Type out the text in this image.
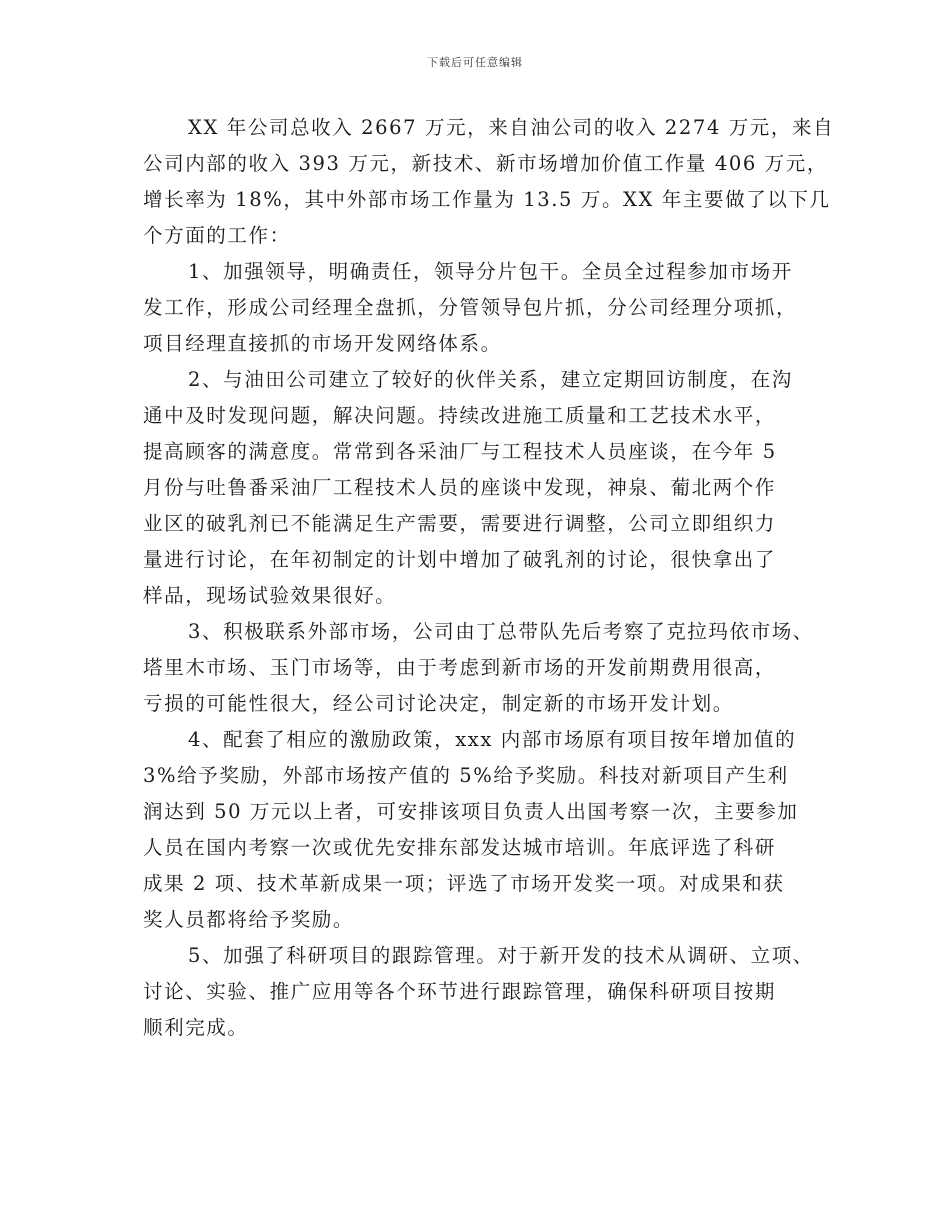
下载后可任意编辑
XX 年公司总收入 2667 万元，来自油公司的收入 2274 万元，来自
公司内部的收入 393 万元，新技术、新市场增加价值工作量 406 万元，
增长率为 18%，其中外部市场工作量为 13.5 万。XX 年主要做了以下几
个方面的工作：
1、加强领导，明确责任，领导分片包干。全员全过程参加市场开
发工作，形成公司经理全盘抓，分管领导包片抓，分公司经理分项抓，
项目经理直接抓的市场开发网络体系。
2、与油田公司建立了较好的伙伴关系，建立定期回访制度，在沟
通中及时发现问题，解决问题。持续改进施工质量和工艺技术水平，
提高顾客的满意度。常常到各采油厂与工程技术人员座谈，在今年 5
月份与吐鲁番采油厂工程技术人员的座谈中发现，神泉、葡北两个作
业区的破乳剂已不能满足生产需要，需要进行调整，公司立即组织力
量进行讨论，在年初制定的计划中增加了破乳剂的讨论，很快拿出了
样品，现场试验效果很好。
3、积极联系外部市场，公司由丁总带队先后考察了克拉玛依市场、
塔里木市场、玉门市场等，由于考虑到新市场的开发前期费用很高，
亏损的可能性很大，经公司讨论决定，制定新的市场开发计划。
4、配套了相应的激励政策，xxx 内部市场原有项目按年增加值的
3%给予奖励，外部市场按产值的 5%给予奖励。科技对新项目产生利
润达到 50 万元以上者，可安排该项目负责人出国考察一次，主要参加
人员在国内考察一次或优先安排东部发达城市培训。年底评选了科研
成果 2 项、技术革新成果一项；评选了市场开发奖一项。对成果和获
奖人员都将给予奖励。
5、加强了科研项目的跟踪管理。对于新开发的技术从调研、立项、
讨论、实验、推广应用等各个环节进行跟踪管理，确保科研项目按期
顺利完成。
